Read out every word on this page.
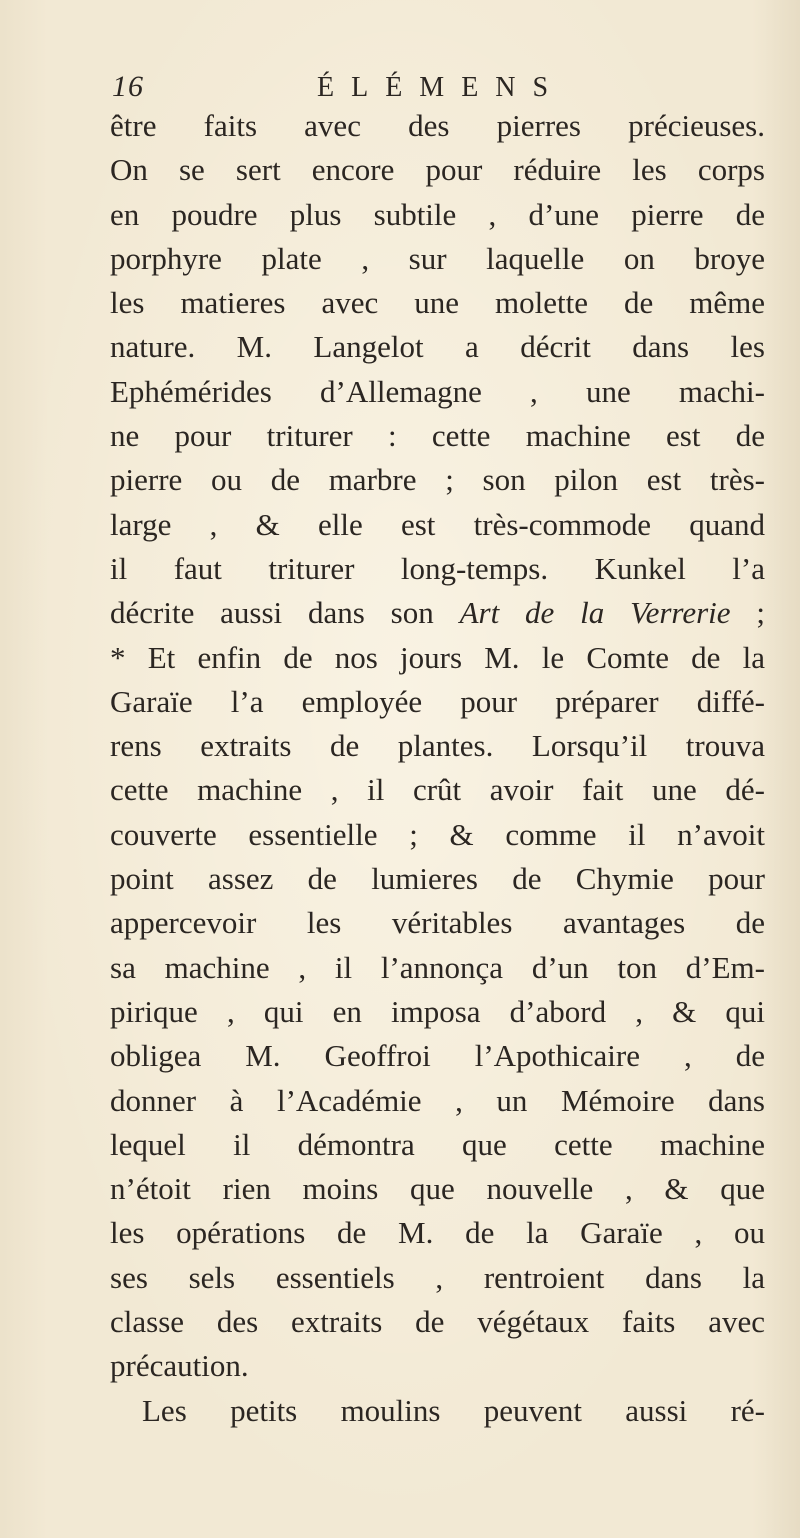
16	ÉLÉMENS
être faits avec des pierres précieuses.
On se sert encore pour réduire les corps
en poudre plus subtile , d’une pierre de
porphyre plate , sur laquelle on broye
les matieres avec une molette de même
nature. M. Langelot a décrit dans les
Ephémérides d’Allemagne , une machi-
ne pour triturer : cette machine est de
pierre ou de marbre ; son pilon est très-
large , & elle est très-commode quand
il faut triturer long-temps. Kunkel l’a
décrite aussi dans son Art de la Verrerie ;
* Et enfin de nos jours M. le Comte de la
Garaïe l’a employée pour préparer diffé-
rens extraits de plantes. Lorsqu’il trouva
cette machine , il crût avoir fait une dé-
couverte essentielle ; & comme il n’avoit
point assez de lumieres de Chymie pour
appercevoir les véritables avantages de
sa machine , il l’annonça d’un ton d’Em-
pirique , qui en imposa d’abord , & qui
obligea M. Geoffroi l’Apothicaire , de
donner à l’Académie , un Mémoire dans
lequel il démontra que cette machine
n’étoit rien moins que nouvelle , & que
les opérations de M. de la Garaïe , ou
ses sels essentiels , rentroient dans la
classe des extraits de végétaux faits avec
précaution.
Les petits moulins peuvent aussi ré-
